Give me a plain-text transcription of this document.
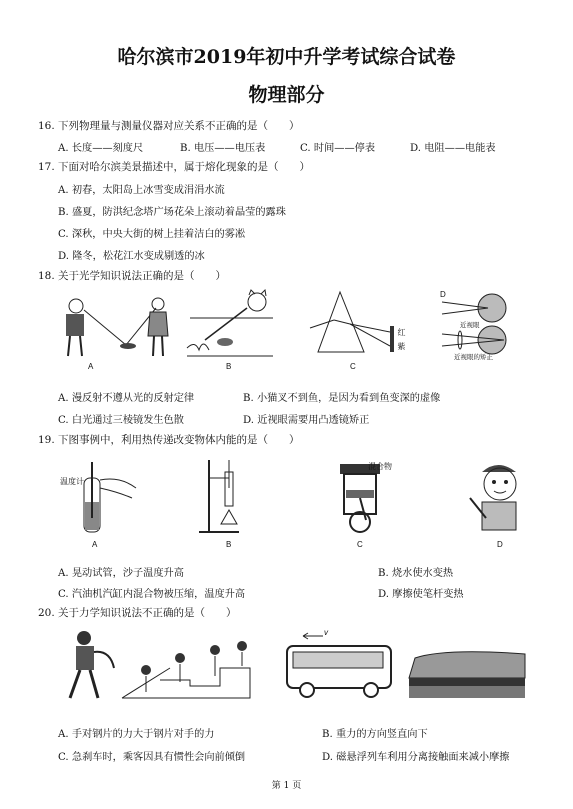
哈尔滨市2019年初中升学考试综合试卷
物理部分
16. 下列物理量与测量仪器对应关系不正确的是（　　）
A. 长度——刻度尺	B. 电压——电压表	C. 时间——停表	D. 电阻——电能表
17. 下面对哈尔滨美景描述中，属于熔化现象的是（　　）
A. 初春，太阳岛上冰雪变成涓涓水流
B. 盛夏，防洪纪念塔广场花朵上滚动着晶莹的露珠
C. 深秋，中央大街的树上挂着洁白的雾凇
D. 隆冬，松花江水变成剔透的冰
18. 关于光学知识说法正确的是（　　）
A	B
红
紫
C
近视眼
近视眼的矫正
D
A. 漫反射不遵从光的反射定律	B. 小猫叉不到鱼，是因为看到鱼变深的虚像
C. 白光通过三棱镜发生色散	D. 近视眼需要用凸透镜矫正
19. 下图事例中，利用热传递改变物体内能的是（　　）
温度计
A	B
混合物
C	D
A. 晃动试管，沙子温度升高	B. 烧水使水变热
C. 汽油机汽缸内混合物被压缩，温度升高	D. 摩擦使笔杆变热
20. 关于力学知识说法不正确的是（　　）
v
A. 手对钢片的力大于钢片对手的力	B. 重力的方向竖直向下
C. 急刹车时，乘客因具有惯性会向前倾倒	D. 磁悬浮列车利用分离接触面来减小摩擦
第 1 页
